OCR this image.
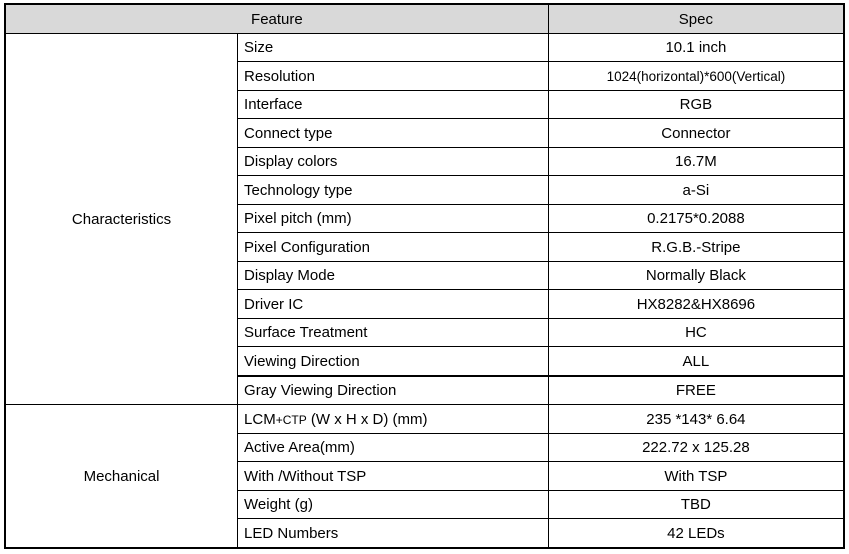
Feature		Spec
Characteristics	Size	10.1 inch
	Resolution	1024(horizontal)*600(Vertical)
	Interface	RGB
	Connect type	Connector
	Display colors	16.7M
	Technology type	a-Si
	Pixel pitch (mm)	0.2175*0.2088
	Pixel Configuration	R.G.B.-Stripe
	Display Mode	Normally Black
	Driver IC	HX8282&HX8696
	Surface Treatment	HC
	Viewing Direction	ALL
	Gray Viewing Direction	FREE
Mechanical	LCM+CTP (W x H x D) (mm)	235 *143* 6.64
	Active Area(mm)	222.72 x 125.28
	With /Without TSP	With TSP
	Weight (g)	TBD
	LED Numbers	42 LEDs
